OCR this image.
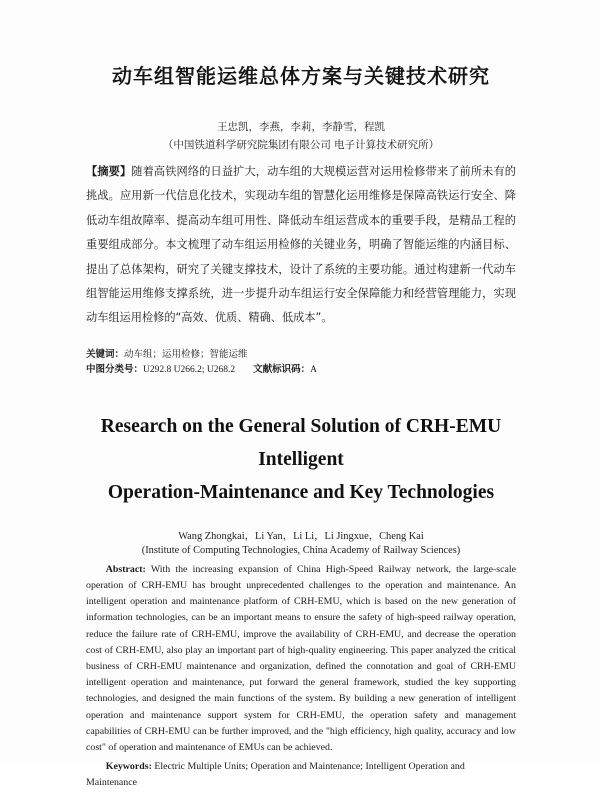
动车组智能运维总体方案与关键技术研究

王忠凯，李燕，李莉，李静雪，程凯

（中国铁道科学研究院集团有限公司 电子计算技术研究所）

【摘要】随着高铁网络的日益扩大，动车组的大规模运营对运用检修带来了前所未有的挑战。应用新一代信息化技术，实现动车组的智慧化运用维修是保障高铁运行安全、降低动车组故障率、提高动车组可用性、降低动车组运营成本的重要手段，是精品工程的重要组成部分。本文梳理了动车组运用检修的关键业务，明确了智能运维的内涵目标、提出了总体架构，研究了关键支撑技术，设计了系统的主要功能。通过构建新一代动车组智能运用维修支撑系统，进一步提升动车组运行安全保障能力和经营管理能力，实现动车组运用检修的“高效、优质、精确、低成本”。

关键词：动车组；运用检修；智能运维
中图分类号：U292.8 U266.2; U268.2 文献标识码：A
Research on the General Solution of CRH-EMU Intelligent
Operation-Maintenance and Key Technologies

Wang Zhongkai，Li Yan，Li Li，Li Jingxue，Cheng Kai

(Institute of Computing Technologies, China Academy of Railway Sciences)

Abstract: With the increasing expansion of China High-Speed Railway network, the large-scale operation of CRH-EMU has brought unprecedented challenges to the operation and maintenance. An intelligent operation and maintenance platform of CRH-EMU, which is based on the new generation of information technologies, can be an important means to ensure the safety of high-speed railway operation, reduce the failure rate of CRH-EMU, improve the availability of CRH-EMU, and decrease the operation cost of CRH-EMU, also play an important part of high-quality engineering. This paper analyzed the critical business of CRH-EMU maintenance and organization, defined the connotation and goal of CRH-EMU intelligent operation and maintenance, put forward the general framework, studied the key supporting technologies, and designed the main functions of the system. By building a new generation of intelligent operation and maintenance support system for CRH-EMU, the operation safety and management capabilities of CRH-EMU can be further improved, and the "high efficiency, high quality, accuracy and low cost" of operation and maintenance of EMUs can be achieved.

Keywords: Electric Multiple Units; Operation and Maintenance; Intelligent Operation and Maintenance
